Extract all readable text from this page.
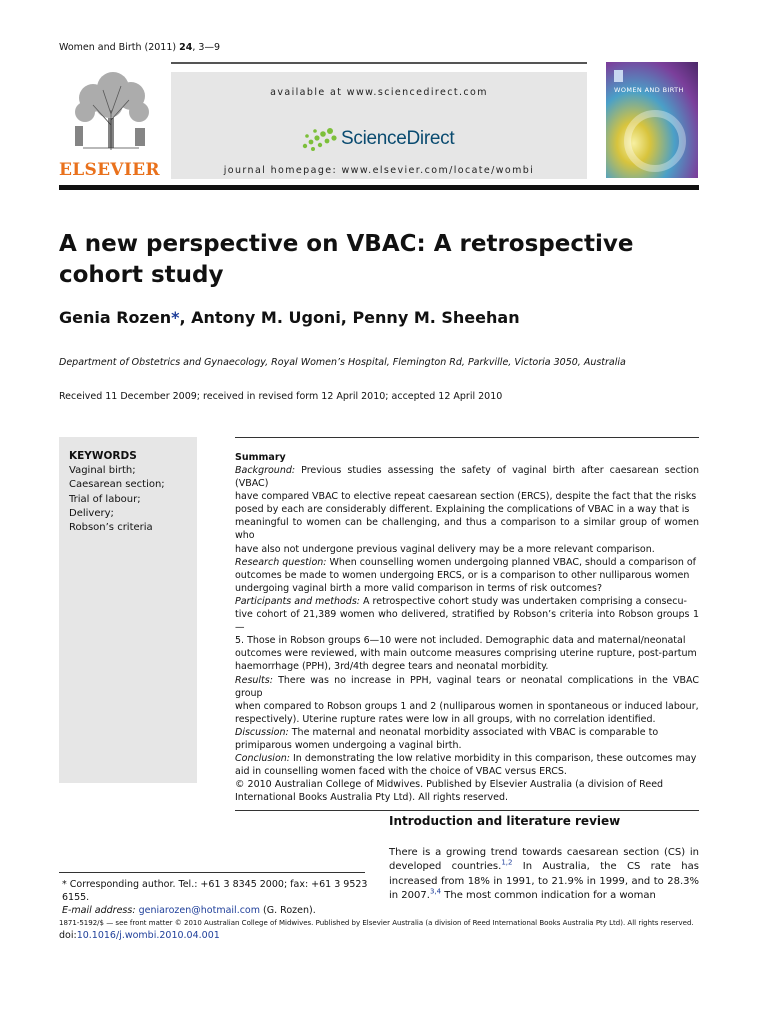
Women and Birth (2011) 24, 3—9
ELSEVIER
available at www.sciencedirect.com
ScienceDirect
journal homepage: www.elsevier.com/locate/wombi
WOMEN AND BIRTH
A new perspective on VBAC: A retrospective cohort study
Genia Rozen*, Antony M. Ugoni, Penny M. Sheehan
Department of Obstetrics and Gynaecology, Royal Women’s Hospital, Flemington Rd, Parkville, Victoria 3050, Australia
Received 11 December 2009; received in revised form 12 April 2010; accepted 12 April 2010
KEYWORDS
Vaginal birth;
Caesarean section;
Trial of labour;
Delivery;
Robson’s criteria
Summary
Background: Previous studies assessing the safety of vaginal birth after caesarean section (VBAC)
have compared VBAC to elective repeat caesarean section (ERCS), despite the fact that the risks
posed by each are considerably different. Explaining the complications of VBAC in a way that is
meaningful to women can be challenging, and thus a comparison to a similar group of women who
have also not undergone previous vaginal delivery may be a more relevant comparison.
Research question: When counselling women undergoing planned VBAC, should a comparison of
outcomes be made to women undergoing ERCS, or is a comparison to other nulliparous women
undergoing vaginal birth a more valid comparison in terms of risk outcomes?
Participants and methods: A retrospective cohort study was undertaken comprising a consecu-
tive cohort of 21,389 women who delivered, stratified by Robson’s criteria into Robson groups 1—
5. Those in Robson groups 6—10 were not included. Demographic data and maternal/neonatal
outcomes were reviewed, with main outcome measures comprising uterine rupture, post-partum
haemorrhage (PPH), 3rd/4th degree tears and neonatal morbidity.
Results: There was no increase in PPH, vaginal tears or neonatal complications in the VBAC group
when compared to Robson groups 1 and 2 (nulliparous women in spontaneous or induced labour,
respectively). Uterine rupture rates were low in all groups, with no correlation identified.
Discussion: The maternal and neonatal morbidity associated with VBAC is comparable to
primiparous women undergoing a vaginal birth.
Conclusion: In demonstrating the low relative morbidity in this comparison, these outcomes may
aid in counselling women faced with the choice of VBAC versus ERCS.
© 2010 Australian College of Midwives. Published by Elsevier Australia (a division of Reed
International Books Australia Pty Ltd). All rights reserved.
Introduction and literature review

There is a growing trend towards caesarean section (CS) in developed countries.$^{1,2}$ In Australia, the CS rate has increased from 18% in 1991, to 21.9% in 1999, and to 28.3% in 2007.$^{3,4}$ The most common indication for a woman

* Corresponding author. Tel.: +61 3 8345 2000; fax: +61 3 9523 6155.
E-mail address: geniarozen@hotmail.com (G. Rozen).
1871-5192/$ — see front matter © 2010 Australian College of Midwives. Published by Elsevier Australia (a division of Reed International Books Australia Pty Ltd). All rights reserved.
doi:10.1016/j.wombi.2010.04.001
